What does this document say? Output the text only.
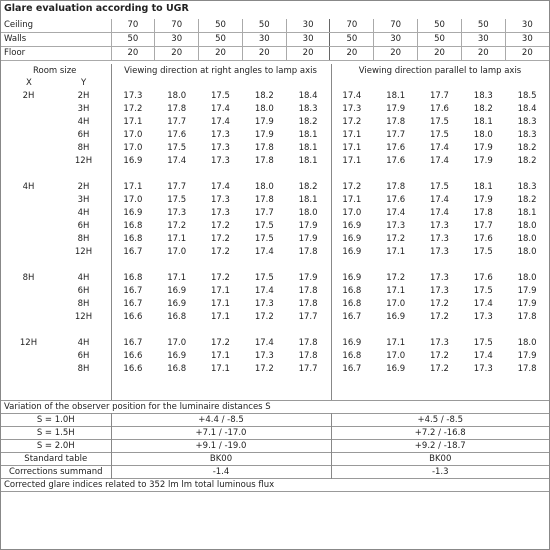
Glare evaluation according to UGR
Ceiling	70	70	50	50	30	70	70	50	50	30
Walls	50	30	50	30	30	50	30	50	30	30
Floor	20	20	20	20	20	20	20	20	20	20
Room size
X	Y
Viewing direction at right angles to lamp axis	Viewing direction parallel to lamp axis
2H	2H	17.3	18.0	17.5	18.2	18.4	17.4	18.1	17.7	18.3	18.5
	3H	17.2	17.8	17.4	18.0	18.3	17.3	17.9	17.6	18.2	18.4
	4H	17.1	17.7	17.4	17.9	18.2	17.2	17.8	17.5	18.1	18.3
	6H	17.0	17.6	17.3	17.9	18.1	17.1	17.7	17.5	18.0	18.3
	8H	17.0	17.5	17.3	17.8	18.1	17.1	17.6	17.4	17.9	18.2
	12H	16.9	17.4	17.3	17.8	18.1	17.1	17.6	17.4	17.9	18.2

4H	2H	17.1	17.7	17.4	18.0	18.2	17.2	17.8	17.5	18.1	18.3
	3H	17.0	17.5	17.3	17.8	18.1	17.1	17.6	17.4	17.9	18.2
	4H	16.9	17.3	17.3	17.7	18.0	17.0	17.4	17.4	17.8	18.1
	6H	16.8	17.2	17.2	17.5	17.9	16.9	17.3	17.3	17.7	18.0
	8H	16.8	17.1	17.2	17.5	17.9	16.9	17.2	17.3	17.6	18.0
	12H	16.7	17.0	17.2	17.4	17.8	16.9	17.1	17.3	17.5	18.0

8H	4H	16.8	17.1	17.2	17.5	17.9	16.9	17.2	17.3	17.6	18.0
	6H	16.7	16.9	17.1	17.4	17.8	16.8	17.1	17.3	17.5	17.9
	8H	16.7	16.9	17.1	17.3	17.8	16.8	17.0	17.2	17.4	17.9
	12H	16.6	16.8	17.1	17.2	17.7	16.7	16.9	17.2	17.3	17.8

12H	4H	16.7	17.0	17.2	17.4	17.8	16.9	17.1	17.3	17.5	18.0
	6H	16.6	16.9	17.1	17.3	17.8	16.8	17.0	17.2	17.4	17.9
	8H	16.6	16.8	17.1	17.2	17.7	16.7	16.9	17.2	17.3	17.8
Variation of the observer position for the luminaire distances S		
S = 1.0H	+4.4 / -8.5	+4.5 / -8.5
S = 1.5H	+7.1 / -17.0	+7.2 / -16.8
S = 2.0H	+9.1 / -19.0	+9.2 / -18.7
Standard table	BK00	BK00
Corrections summand	-1.4	-1.3
Corrected glare indices related to 352 lm lm total luminous flux		
